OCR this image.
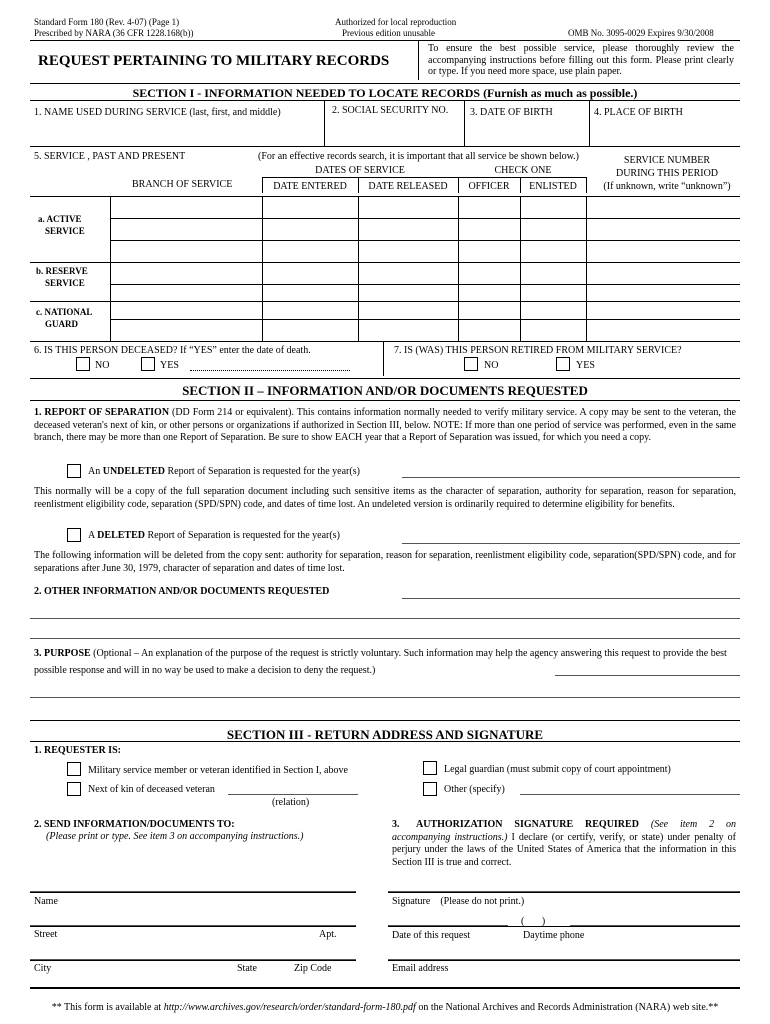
Standard Form 180 (Rev. 4-07) (Page 1)
Prescribed by NARA (36 CFR 1228.168(b))
Authorized for local reproduction
Previous edition unusable	OMB No. 3095-0029 Expires 9/30/2008
REQUEST PERTAINING TO MILITARY RECORDS
To ensure the best possible service, please thoroughly review the accompanying instructions before filling out this form. Please print clearly or type. If you need more space, use plain paper.
SECTION I - INFORMATION NEEDED TO LOCATE RECORDS (Furnish as much as possible.)
1. NAME USED DURING SERVICE (last, first, and middle)	2. SOCIAL SECURITY NO. 3. DATE OF BIRTH	4. PLACE OF BIRTH
5. SERVICE , PAST AND PRESENT	(For an effective records search, it is important that all service be shown below.)
DATES OF SERVICE	CHECK ONE
SERVICE NUMBER
DURING THIS PERIOD
(If unknown, write “unknown”)
BRANCH OF SERVICE	DATE ENTERED	DATE RELEASED	OFFICER	ENLISTED
a. ACTIVE
SERVICE
b. RESERVE
SERVICE
c. NATIONAL
GUARD
6. IS THIS PERSON DECEASED? If “YES” enter the date of death.
NO	YES
7. IS (WAS) THIS PERSON RETIRED FROM MILITARY SERVICE?
NO	YES
SECTION II – INFORMATION AND/OR DOCUMENTS REQUESTED
1. REPORT OF SEPARATION (DD Form 214 or equivalent). This contains information normally needed to verify military service. A copy may be sent to the veteran, the deceased veteran's next of kin, or other persons or organizations if authorized in Section III, below. NOTE: If more than one period of service was performed, even in the same branch, there may be more than one Report of Separation. Be sure to show EACH year that a Report of Separation was issued, for which you need a copy.
An UNDELETED Report of Separation is requested for the year(s)
This normally will be a copy of the full separation document including such sensitive items as the character of separation, authority for separation, reason for separation, reenlistment eligibility code, separation (SPD/SPN) code, and dates of time lost. An undeleted version is ordinarily required to determine eligibility for benefits.
A DELETED Report of Separation is requested for the year(s)
The following information will be deleted from the copy sent: authority for separation, reason for separation, reenlistment eligibility code, separation(SPD/SPN) code, and for separations after June 30, 1979, character of separation and dates of time lost.
2. OTHER INFORMATION AND/OR DOCUMENTS REQUESTED
3. PURPOSE (Optional – An explanation of the purpose of the request is strictly voluntary. Such information may help the agency answering this request to provide the best possible response and will in no way be used to make a decision to deny the request.)
SECTION III - RETURN ADDRESS AND SIGNATURE
1. REQUESTER IS:
Military service member or veteran identified in Section I, above	Legal guardian (must submit copy of court appointment)
Next of kin of deceased veteran
(relation)
Other (specify)
2. SEND INFORMATION/DOCUMENTS TO:
(Please print or type. See item 3 on accompanying instructions.)
3.	AUTHORIZATION SIGNATURE REQUIRED (See item 2 on accompanying instructions.) I declare (or certify, verify, or state) under penalty of perjury under the laws of the United States of America that the information in this Section III is true and correct.
Name
Street	Apt.
City	State	Zip Code
Signature    (Please do not print.)
(       )
Date of this request	Daytime phone
Email address
** This form is available at http://www.archives.gov/research/order/standard-form-180.pdf on the National Archives and Records Administration (NARA) web site.**
